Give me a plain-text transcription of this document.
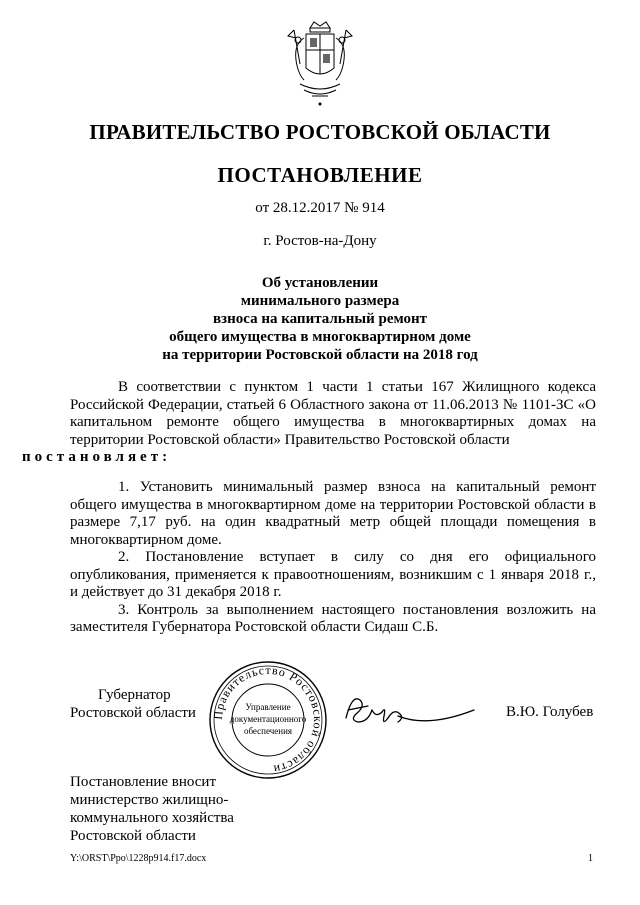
ПРАВИТЕЛЬСТВО РОСТОВСКОЙ ОБЛАСТИ
ПОСТАНОВЛЕНИЕ
от 28.12.2017 № 914
г. Ростов-на-Дону
Об установлении
минимального размера
взноса на капитальный ремонт
общего имущества в многоквартирном доме
на территории Ростовской области на 2018 год

В соответствии с пунктом 1 части 1 статьи 167 Жилищного кодекса Российской Федерации, статьей 6 Областного закона от 11.06.2013 № 1101-ЗС «О капитальном ремонте общего имущества в многоквартирных домах на территории Ростовской области» Правительство Ростовской области
постановляет:

1. Установить минимальный размер взноса на капитальный ремонт общего имущества в многоквартирном доме на территории Ростовской области в размере 7,17 руб. на один квадратный метр общей площади помещения в многоквартирном доме.

2. Постановление вступает в силу со дня его официального опубликования, применяется к правоотношениям, возникшим с 1 января 2018 г., и действует до 31 декабря 2018 г.

3. Контроль за выполнением настоящего постановления возложить на заместителя Губернатора Ростовской области Сидаш С.Б.

Губернатор
Ростовской области Правительство Ростовской области
Управление
документационного
обеспечения
В.Ю. Голубев
Постановление вносит
министерство жилищно-
коммунального хозяйства
Ростовской области
Y:\ORST\Ppo\1228p914.f17.docx	1
